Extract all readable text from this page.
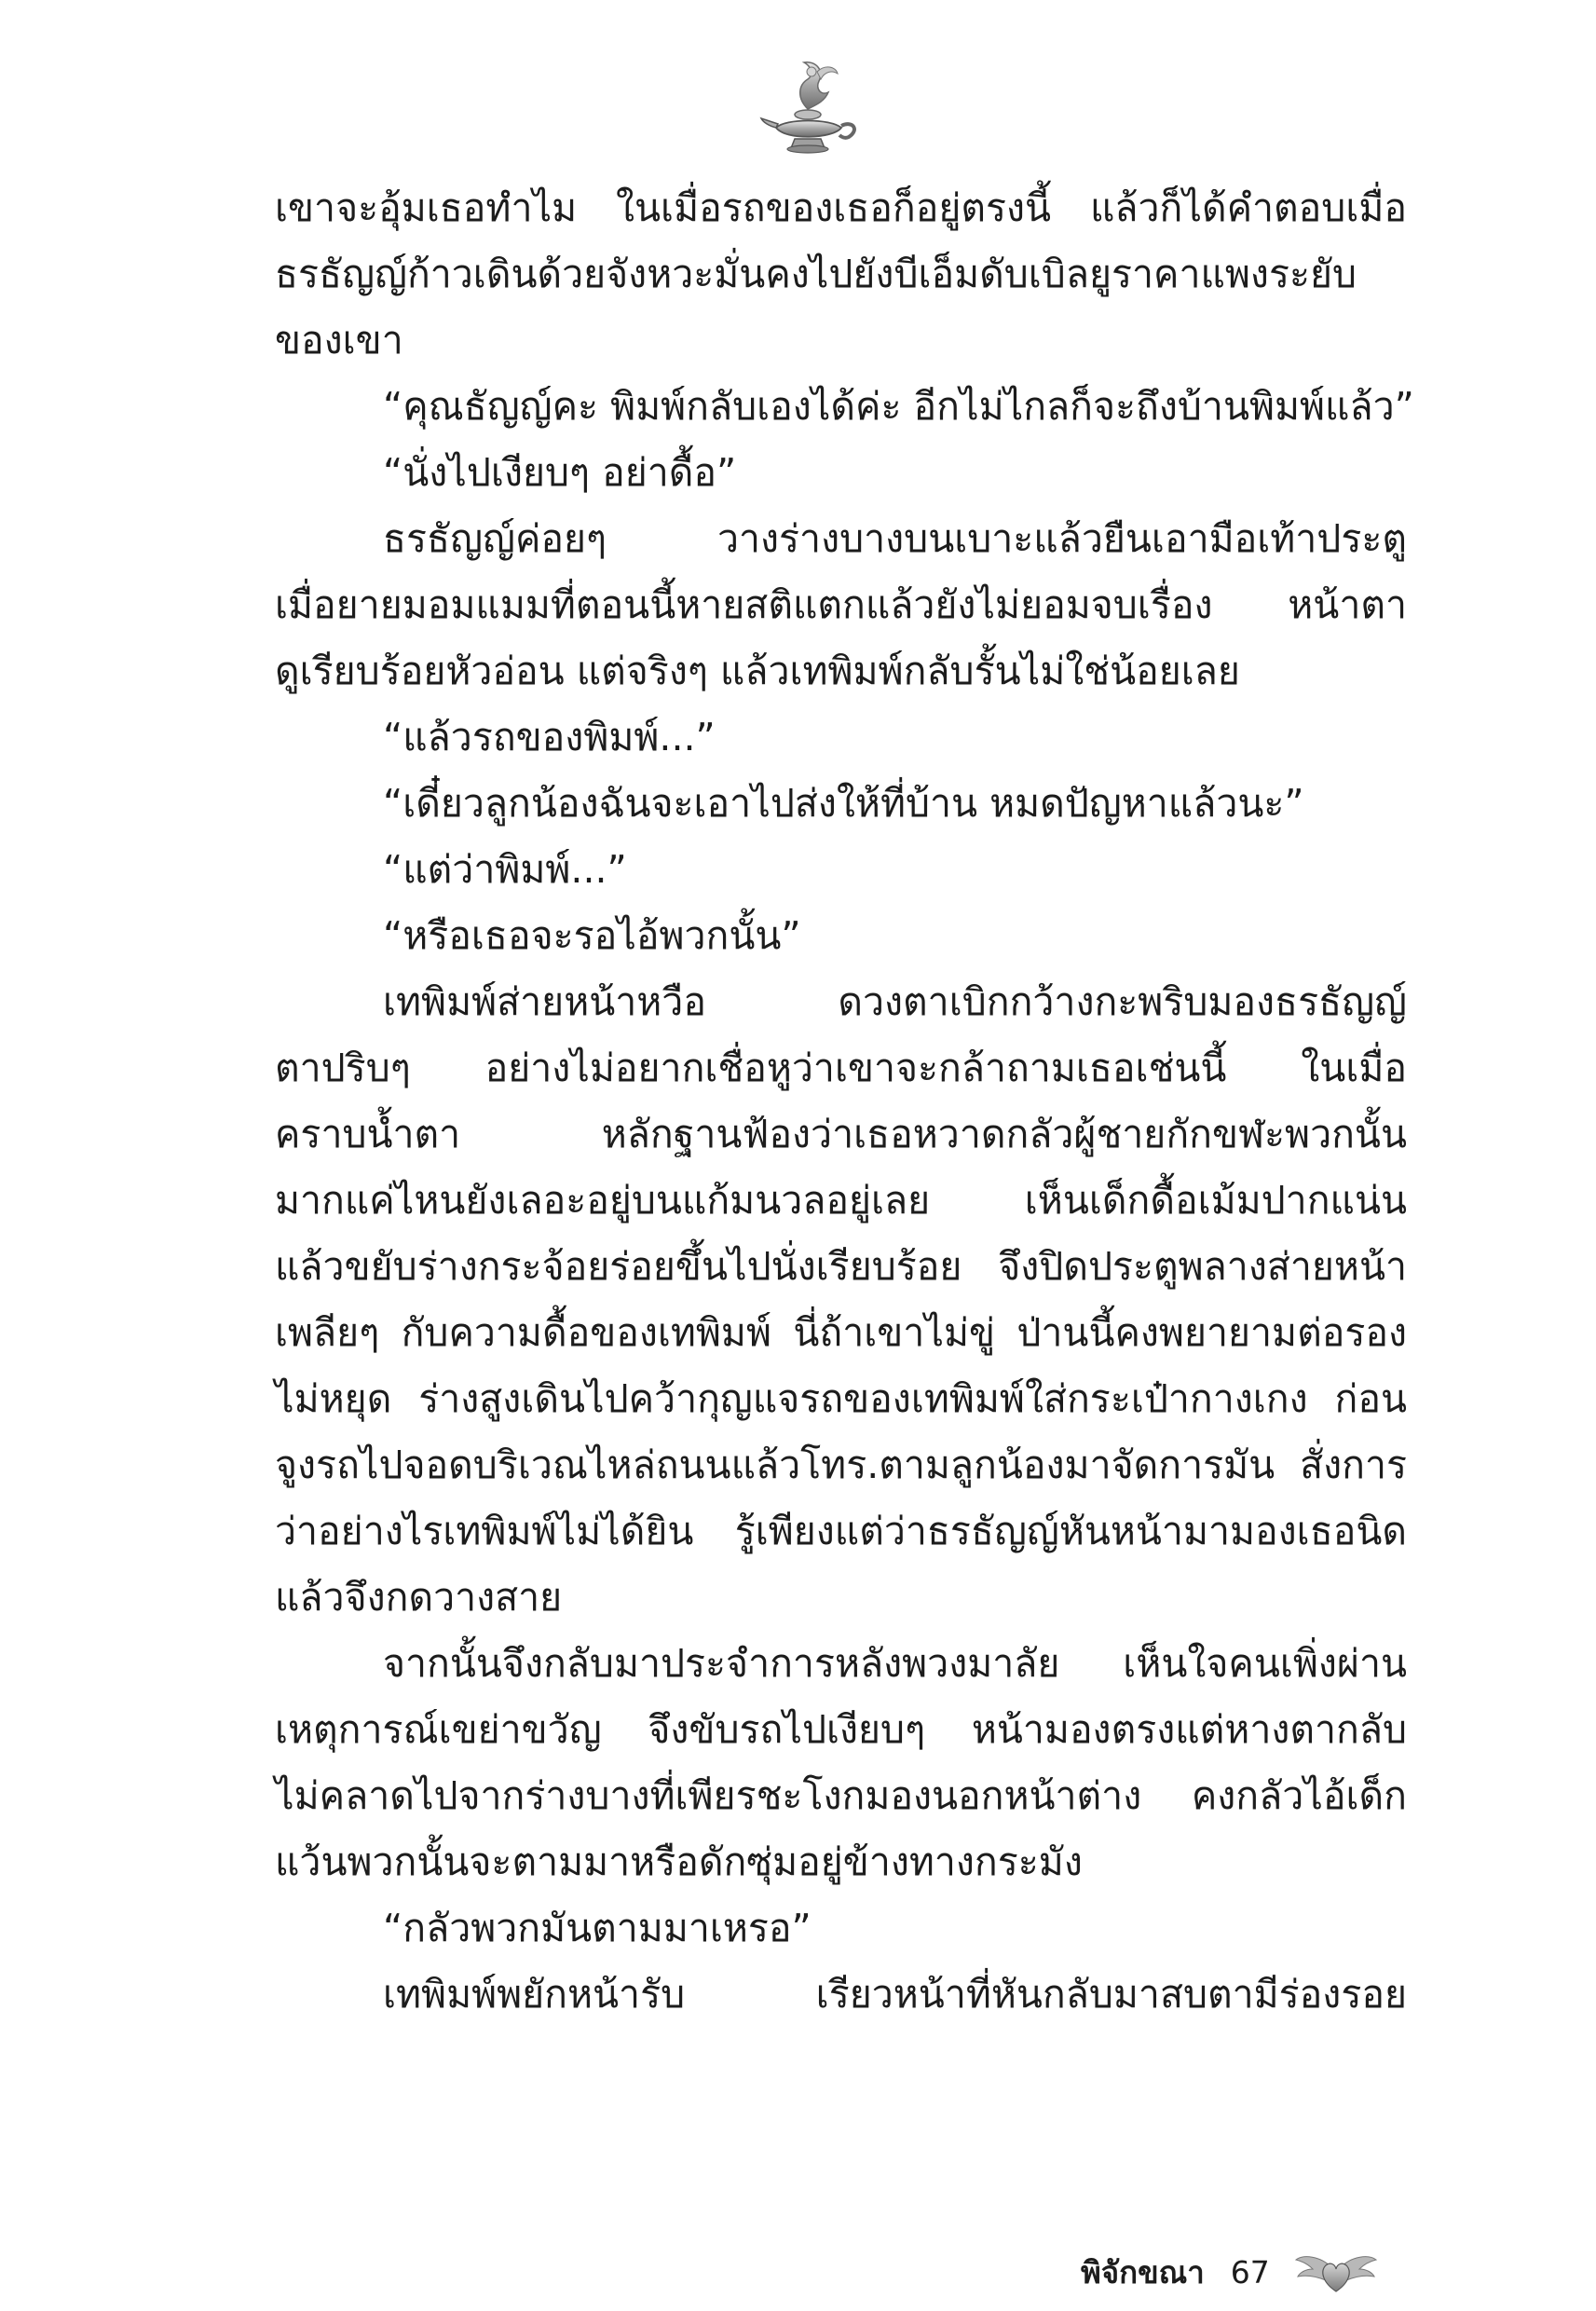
เขาจะอุ้มเธอทำไม ในเมื่อรถของเธอก็อยู่ตรงนี้ แล้วก็ได้คำตอบเมื่อ
ธรธัญญ์ก้าวเดินด้วยจังหวะมั่นคงไปยังบีเอ็มดับเบิลยูราคาแพงระยับ
ของเขา
“คุณธัญญ์คะ พิมพ์กลับเองได้ค่ะ อีกไม่ไกลก็จะถึงบ้านพิมพ์แล้ว”
“นั่งไปเงียบๆ อย่าดื้อ”
ธรธัญญ์ค่อยๆ วางร่างบางบนเบาะแล้วยืนเอามือเท้าประตู
เมื่อยายมอมแมมที่ตอนนี้หายสติแตกแล้วยังไม่ยอมจบเรื่อง หน้าตา
ดูเรียบร้อยหัวอ่อน แต่จริงๆ แล้วเทพิมพ์กลับรั้นไม่ใช่น้อยเลย
“แล้วรถของพิมพ์...”
“เดี๋ยวลูกน้องฉันจะเอาไปส่งให้ที่บ้าน หมดปัญหาแล้วนะ”
“แต่ว่าพิมพ์...”
“หรือเธอจะรอไอ้พวกนั้น”
เทพิมพ์ส่ายหน้าหวือ ดวงตาเบิกกว้างกะพริบมองธรธัญญ์
ตาปริบๆ อย่างไม่อยากเชื่อหูว่าเขาจะกล้าถามเธอเช่นนี้ ในเมื่อ
คราบน้ำตา หลักฐานฟ้องว่าเธอหวาดกลัวผู้ชายกักขฬะพวกนั้น
มากแค่ไหนยังเลอะอยู่บนแก้มนวลอยู่เลย เห็นเด็กดื้อเม้มปากแน่น
แล้วขยับร่างกระจ้อยร่อยขึ้นไปนั่งเรียบร้อย จึงปิดประตูพลางส่ายหน้า
เพลียๆ กับความดื้อของเทพิมพ์ นี่ถ้าเขาไม่ขู่ ป่านนี้คงพยายามต่อรอง
ไม่หยุด ร่างสูงเดินไปคว้ากุญแจรถของเทพิมพ์ใส่กระเป๋ากางเกง ก่อน
จูงรถไปจอดบริเวณไหล่ถนนแล้วโทร.ตามลูกน้องมาจัดการมัน สั่งการ
ว่าอย่างไรเทพิมพ์ไม่ได้ยิน รู้เพียงแต่ว่าธรธัญญ์หันหน้ามามองเธอนิด
แล้วจึงกดวางสาย
จากนั้นจึงกลับมาประจำการหลังพวงมาลัย เห็นใจคนเพิ่งผ่าน
เหตุการณ์เขย่าขวัญ จึงขับรถไปเงียบๆ หน้ามองตรงแต่หางตากลับ
ไม่คลาดไปจากร่างบางที่เพียรชะโงกมองนอกหน้าต่าง คงกลัวไอ้เด็ก
แว้นพวกนั้นจะตามมาหรือดักซุ่มอยู่ข้างทางกระมัง
“กลัวพวกมันตามมาเหรอ”
เทพิมพ์พยักหน้ารับ เรียวหน้าที่หันกลับมาสบตามีร่องรอย
พิจักขณา 67
